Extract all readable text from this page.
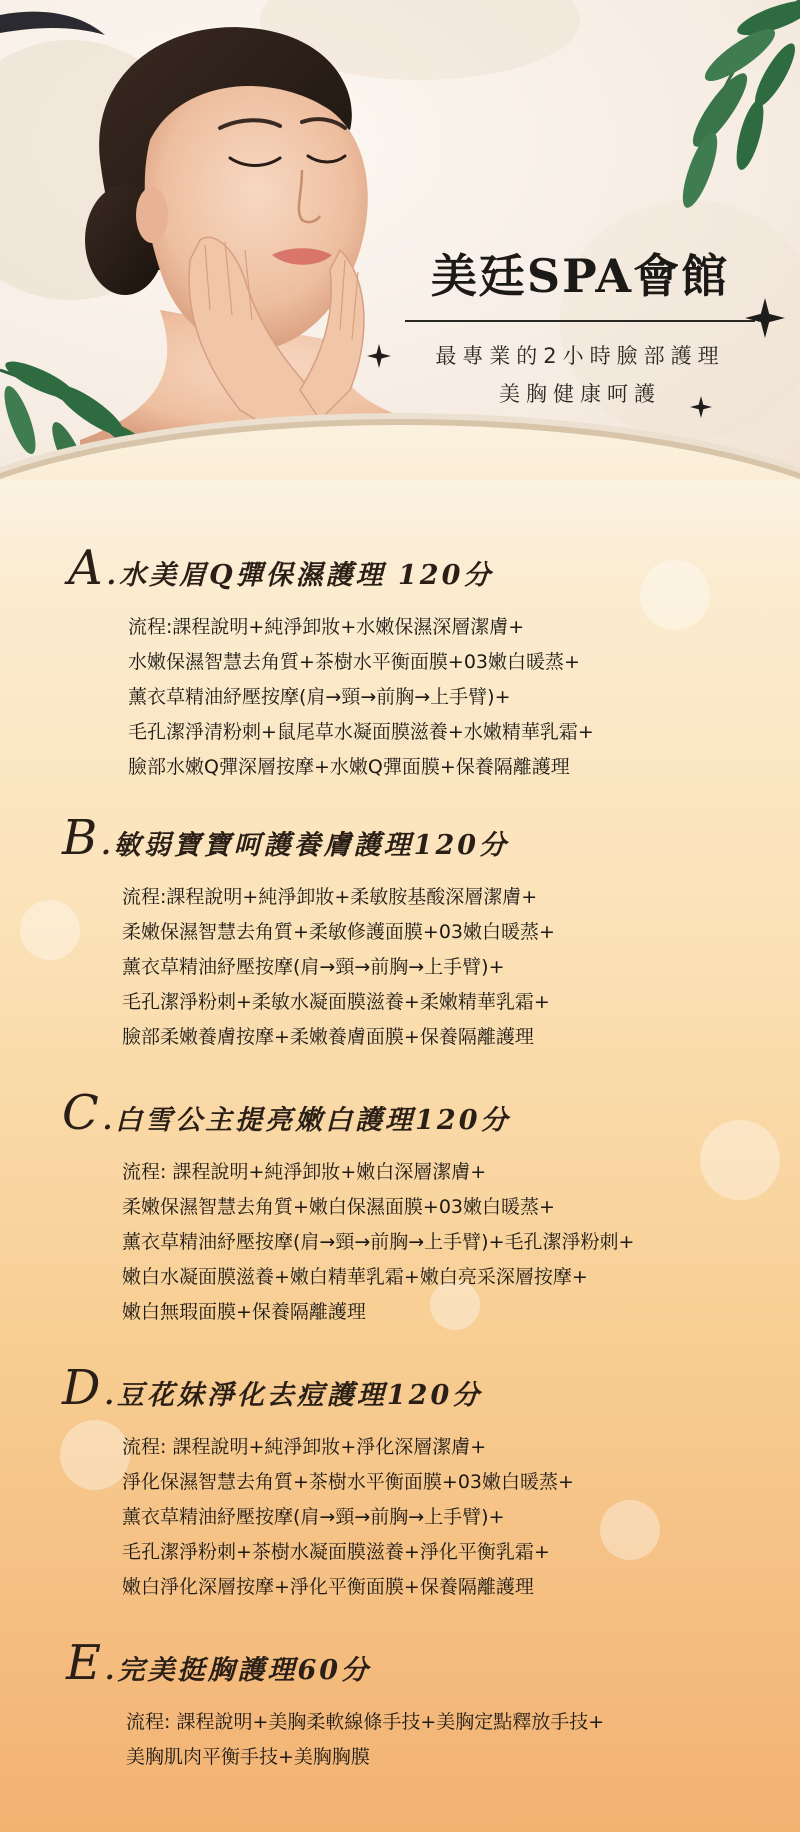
美廷SPA會館
最專業的2小時臉部護理
美胸健康呵護
A .水美眉Q彈保濕護理 120分
流程:課程說明+純淨卸妝+水嫩保濕深層潔膚+
水嫩保濕智慧去角質+茶樹水平衡面膜+03嫩白暖蒸+
薰衣草精油紓壓按摩(肩→頸→前胸→上手臂)+
毛孔潔淨清粉刺+鼠尾草水凝面膜滋養+水嫩精華乳霜+
臉部水嫩Q彈深層按摩+水嫩Q彈面膜+保養隔離護理
B .敏弱寶寶呵護養膚護理120分
流程:課程說明+純淨卸妝+柔敏胺基酸深層潔膚+
柔嫩保濕智慧去角質+柔敏修護面膜+03嫩白暖蒸+
薰衣草精油紓壓按摩(肩→頸→前胸→上手臂)+
毛孔潔淨粉刺+柔敏水凝面膜滋養+柔嫩精華乳霜+
臉部柔嫩養膚按摩+柔嫩養膚面膜+保養隔離護理
C .白雪公主提亮嫩白護理120分
流程: 課程說明+純淨卸妝+嫩白深層潔膚+
柔嫩保濕智慧去角質+嫩白保濕面膜+03嫩白暖蒸+
薰衣草精油紓壓按摩(肩→頸→前胸→上手臂)+毛孔潔淨粉刺+
嫩白水凝面膜滋養+嫩白精華乳霜+嫩白亮采深層按摩+
嫩白無瑕面膜+保養隔離護理
D .豆花妹淨化去痘護理120分
流程: 課程說明+純淨卸妝+淨化深層潔膚+
淨化保濕智慧去角質+茶樹水平衡面膜+03嫩白暖蒸+
薰衣草精油紓壓按摩(肩→頸→前胸→上手臂)+
毛孔潔淨粉刺+茶樹水凝面膜滋養+淨化平衡乳霜+
嫩白淨化深層按摩+淨化平衡面膜+保養隔離護理
E .完美挺胸護理60分
流程: 課程說明+美胸柔軟線條手技+美胸定點釋放手技+
美胸肌肉平衡手技+美胸胸膜
